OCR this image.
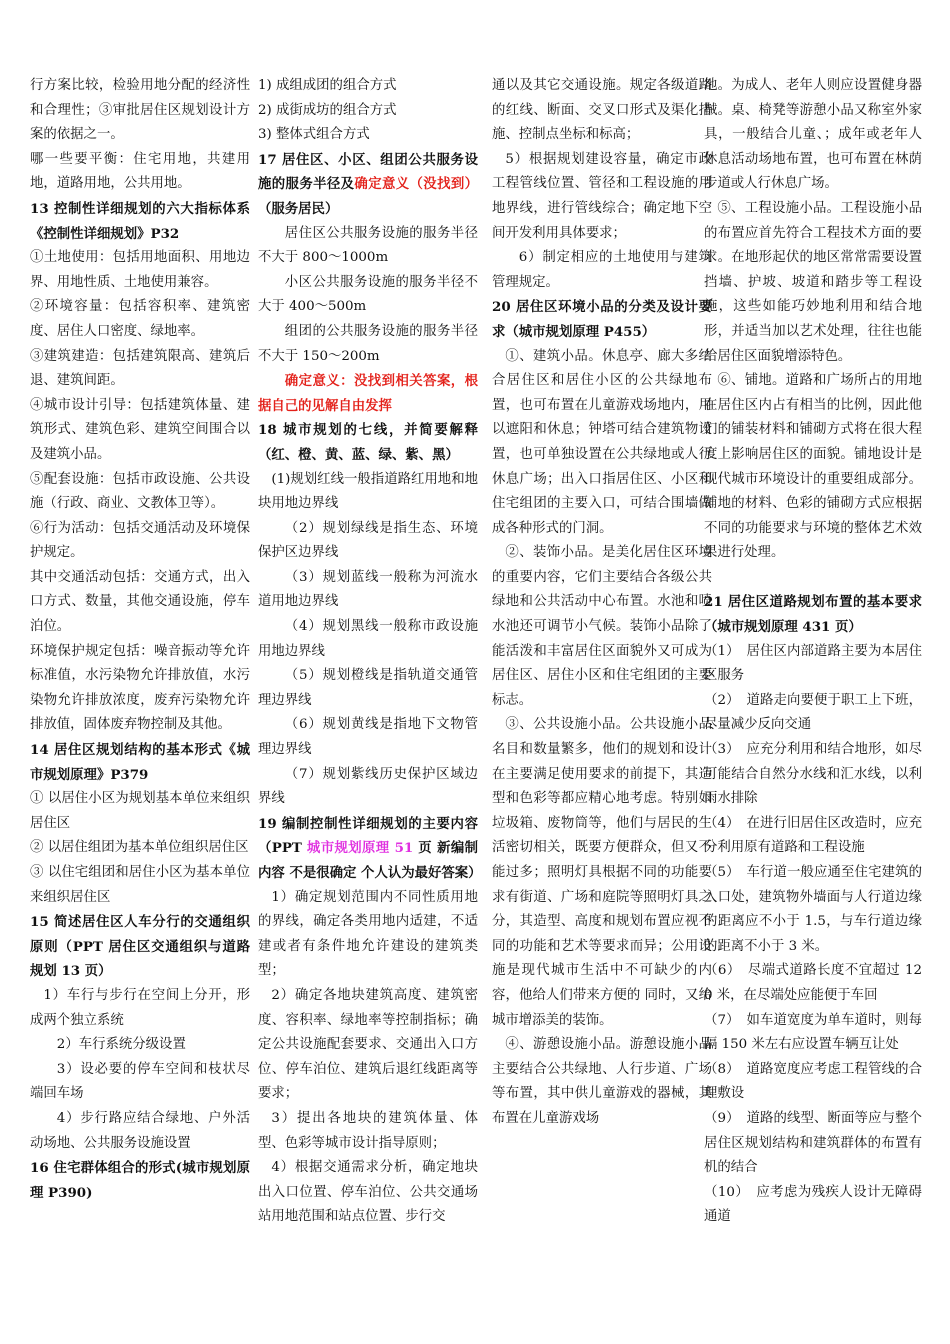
行方案比较，检验用地分配的经济性和合理性；③审批居住区规划设计方案的依据之一。

哪一些要平衡：住宅用地，共建用地，道路用地，公共用地。

13 控制性详细规划的六大指标体系《控制性详细规划》P32

①土地使用：包括用地面积、用地边界、用地性质、土地使用兼容。

②环境容量：包括容积率、建筑密度、居住人口密度、绿地率。

③建筑建造：包括建筑限高、建筑后退、建筑间距。

④城市设计引导：包括建筑体量、建筑形式、建筑色彩、建筑空间围合以及建筑小品。

⑤配套设施：包括市政设施、公共设施（行政、商业、文教体卫等）。

⑥行为活动：包括交通活动及环境保护规定。

其中交通活动包括：交通方式，出入口方式、数量，其他交通设施，停车泊位。

环境保护规定包括：噪音振动等允许标准值，水污染物允许排放值，水污染物允许排放浓度，废弃污染物允许排放值，固体废弃物控制及其他。

14 居住区规划结构的基本形式《城市规划原理》P379

① 以居住小区为规划基本单位来组织居住区

② 以居住组团为基本单位组织居住区

③ 以住宅组团和居住小区为基本单位来组织居住区

15 简述居住区人车分行的交通组织原则（PPT 居住区交通组织与道路规划 13 页）

1）车行与步行在空间上分开，形成两个独立系统

2）车行系统分级设置

3）设必要的停车空间和枝状尽端回车场

4）步行路应结合绿地、户外活动场地、公共服务设施设置

16 住宅群体组合的形式(城市规划原理 P390)

1) 成组成团的组合方式

2) 成街成坊的组合方式

3) 整体式组合方式

17 居住区、小区、组团公共服务设施的服务半径及确定意义（没找到）（服务居民）

居住区公共服务设施的服务半径不大于 800～1000m

小区公共服务设施的服务半径不大于 400～500m

组团的公共服务设施的服务半径不大于 150～200m

确定意义：没找到相关答案，根据自己的见解自由发挥

18 城市规划的七线，并简要解释（红、橙、黄、蓝、绿、紫、黑）

(1)规划红线一般指道路红用地和地块用地边界线

（2）规划绿线是指生态、环境保护区边界线

（3）规划蓝线一般称为河流水道用地边界线

（4）规划黑线一般称市政设施用地边界线

（5）规划橙线是指轨道交通管理边界线

（6）规划黄线是指地下文物管理边界线

（7）规划紫线历史保护区域边界线

19 编制控制性详细规划的主要内容（PPT 城市规划原理 51 页 新编制内容 不是很确定 个人认为最好答案）

1）确定规划范围内不同性质用地的界线，确定各类用地内适建，不适建或者有条件地允许建设的建筑类型；

2）确定各地块建筑高度、建筑密度、容积率、绿地率等控制指标；确定公共设施配套要求、交通出入口方位、停车泊位、建筑后退红线距离等要求；

3）提出各地块的建筑体量、体型、色彩等城市设计指导原则；

4）根据交通需求分析，确定地块出入口位置、停车泊位、公共交通场站用地范围和站点位置、步行交

通以及其它交通设施。规定各级道路的红线、断面、交叉口形式及渠化措施、控制点坐标和标高；

5）根据规划建设容量，确定市政工程管线位置、管径和工程设施的用地界线，进行管线综合；确定地下空间开发利用具体要求；

6）制定相应的土地使用与建筑管理规定。

20 居住区环境小品的分类及设计要求（城市规划原理 P455）

①、建筑小品。休息亭、廊大多结合居住区和居住小区的公共绿地布置，也可布置在儿童游戏场地内，用以遮阳和休息；钟塔可结合建筑物设置，也可单独设置在公共绿地或人行休息广场；出入口指居住区、小区和住宅组团的主要入口，可结合围墙做成各种形式的门洞。

②、装饰小品。是美化居住区环境的重要内容，它们主要结合各级公共绿地和公共活动中心布置。水池和喷水池还可调节小气候。装饰小品除了能活泼和丰富居住区面貌外又可成为居住区、居住小区和住宅组团的主要标志。

③、公共设施小品。公共设施小品名目和数量繁多，他们的规划和设计在主要满足使用要求的前提下，其造型和色彩等都应精心地考虑。特别如垃圾箱、废物筒等，他们与居民的生活密切相关，既要方便群众，但又不能过多；照明灯具根据不同的功能要求有街道、广场和庭院等照明灯具之分，其造型、高度和规划布置应视不同的功能和艺术等要求而异；公用设施是现代城市生活中不可缺少的内容，他给人们带来方便的 同时，又给城市增添美的装饰。

④、游憩设施小品。游憩设施小品主要结合公共绿地、人行步道、广场等布置，其中供儿童游戏的器械，其布置在儿童游戏场

地。为成人、老年人则应设置健身器械。桌、椅凳等游憩小品又称室外家具，一般结合儿童、；成年或老年人休息活动场地布置，也可布置在林荫步道或人行休息广场。

⑤、工程设施小品。工程设施小品的布置应首先符合工程技术方面的要求。在地形起伏的地区常常需要设置挡墙、护坡、坡道和踏步等工程设施，这些如能巧妙地利用和结合地形，并适当加以艺术处理，往往也能给居住区面貌增添特色。

⑥、铺地。道路和广场所占的用地在居住区内占有相当的比例，因此他们的铺装材料和铺砌方式将在很大程度上影响居住区的面貌。铺地设计是现代城市环境设计的重要组成部分。铺地的材料、色彩的铺砌方式应根据不同的功能要求与环境的整体艺术效果进行处理。

21 居住区道路规划布置的基本要求（城市规划原理 431 页）

（1）　居住区内部道路主要为本居住区服务

（2）　道路走向要便于职工上下班，尽量减少反向交通

（3）　应充分利用和结合地形，如尽可能结合自然分水线和汇水线，以利雨水排除

（4）　在进行旧居住区改造时，应充分利用原有道路和工程设施

（5）　车行道一般应通至住宅建筑的入口处，建筑物外墙面与人行道边缘的距离应不小于 1.5，与车行道边缘的距离不小于 3 米。

（6）　尽端式道路长度不宜超过 120 米，在尽端处应能便于车回

（7）　如车道宽度为单车道时，则每隔 150 米左右应设置车辆互让处

（8）　道路宽度应考虑工程管线的合理敷设

（9）　道路的线型、断面等应与整个居住区规划结构和建筑群体的布置有机的结合

（10）　应考虑为残疾人设计无障碍通道
